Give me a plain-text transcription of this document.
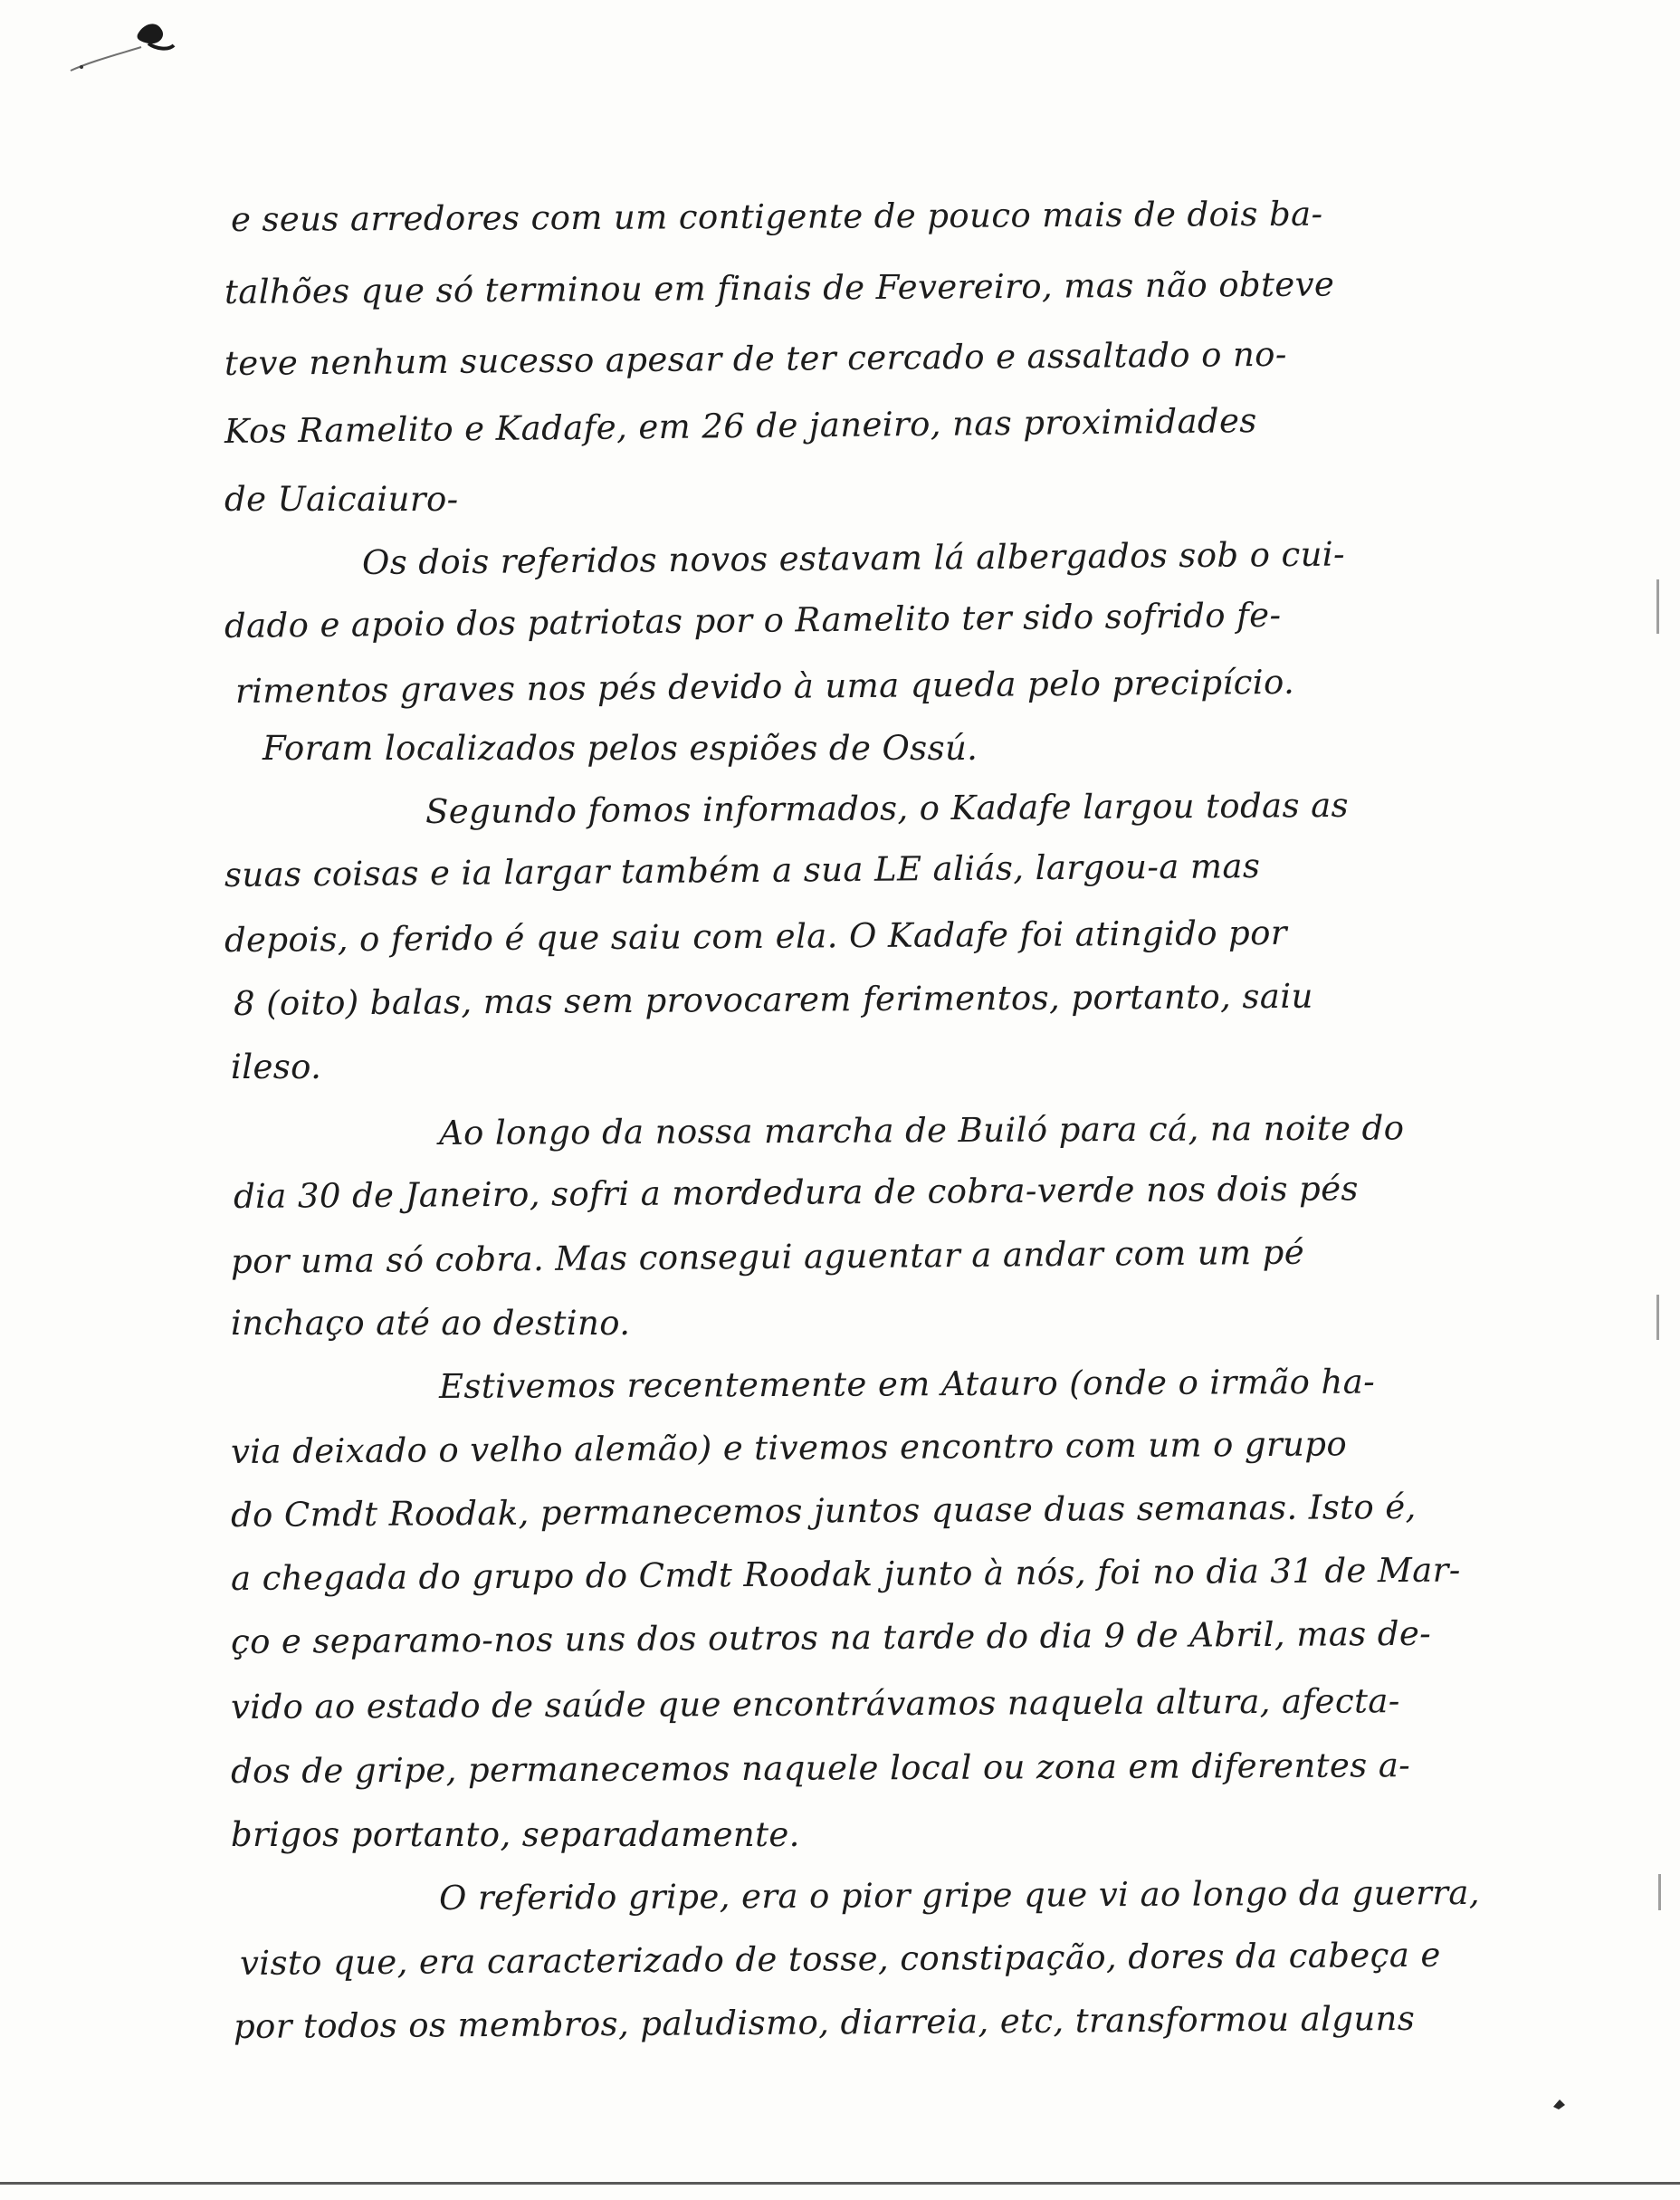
e seus arredores com um contigente de pouco mais de dois ba-
talhões que só terminou em finais de Fevereiro, mas não obteve
teve nenhum sucesso apesar de ter cercado e assaltado o no-
Kos Ramelito e Kadafe, em 26 de janeiro, nas proximidades
de Uaicaiuro-
Os dois referidos novos estavam lá albergados sob o cui-
dado e apoio dos patriotas por o Ramelito ter sido sofrido fe-
rimentos graves nos pés devido à uma queda pelo precipício.
Foram localizados pelos espiões de Ossú.
Segundo fomos informados, o Kadafe largou todas as
suas coisas e ia largar também a sua LE aliás, largou-a mas
depois, o ferido é que saiu com ela. O Kadafe foi atingido por
8 (oito) balas, mas sem provocarem ferimentos, portanto, saiu
ileso.
Ao longo da nossa marcha de Builó para cá, na noite do
dia 30 de Janeiro, sofri a mordedura de cobra-verde nos dois pés
por uma só cobra. Mas consegui aguentar a andar com um pé
inchaço até ao destino.
Estivemos recentemente em Atauro (onde o irmão ha-
via deixado o velho alemão) e tivemos encontro com um o grupo
do Cmdt Roodak, permanecemos juntos quase duas semanas. Isto é,
a chegada do grupo do Cmdt Roodak junto à nós, foi no dia 31 de Mar-
ço e separamo-nos uns dos outros na tarde do dia 9 de Abril, mas de-
vido ao estado de saúde que encontrávamos naquela altura, afecta-
dos de gripe, permanecemos naquele local ou zona em diferentes a-
brigos portanto, separadamente.
O referido gripe, era o pior gripe que vi ao longo da guerra,
visto que, era caracterizado de tosse, constipação, dores da cabeça e
por todos os membros, paludismo, diarreia, etc, transformou alguns
